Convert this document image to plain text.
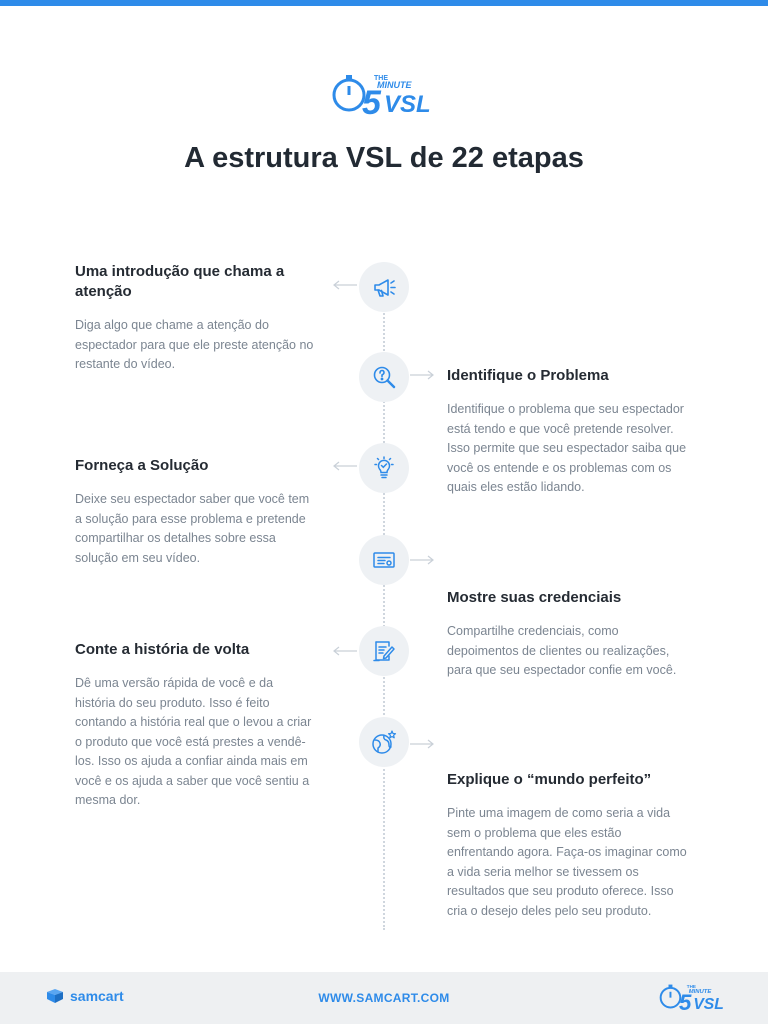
THE
MINUTE
5 VSL
A estrutura VSL de 22 etapas
Uma introdução que chama a atenção
Diga algo que chame a atenção do espectador para que ele preste atenção no restante do vídeo.
Identifique o Problema
Identifique o problema que seu espectador está tendo e que você pretende resolver. Isso permite que seu espectador saiba que você os entende e os problemas com os quais eles estão lidando.
Forneça a Solução
Deixe seu espectador saber que você tem a solução para esse problema e pretende compartilhar os detalhes sobre essa solução em seu vídeo.
Mostre suas credenciais
Compartilhe credenciais, como depoimentos de clientes ou realizações, para que seu espectador confie em você.
Conte a história de volta
Dê uma versão rápida de você e da história do seu produto. Isso é feito contando a história real que o levou a criar o produto que você está prestes a vendê-los. Isso os ajuda a confiar ainda mais em você e os ajuda a saber que você sentiu a mesma dor.
Explique o “mundo perfeito”
Pinte uma imagem de como seria a vida sem o problema que eles estão enfrentando agora. Faça-os imaginar como a vida seria melhor se tivessem os resultados que seu produto oferece. Isso cria o desejo deles pelo seu produto.
samcart	WWW.SAMCART.COM
THE
MINUTE
5 VSL
